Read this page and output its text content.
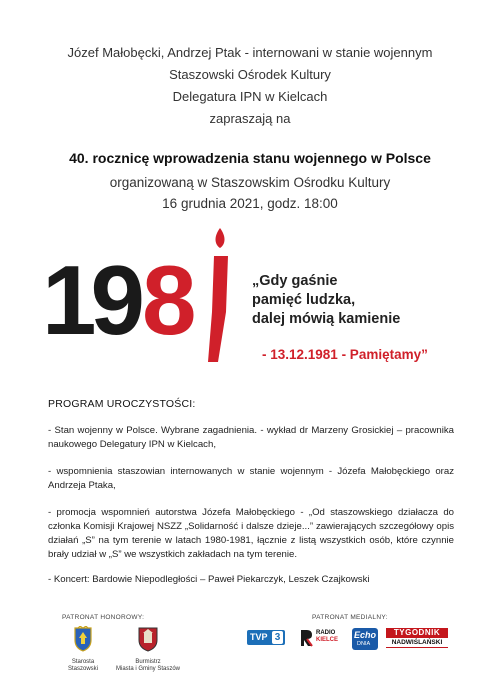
Józef Małobęcki, Andrzej Ptak - internowani w stanie wojennym
Staszowski Ośrodek Kultury
Delegatura IPN w Kielcach
zapraszają na
40. rocznicę wprowadzenia stanu wojennego w Polsce
organizowaną w Staszowskim Ośrodku Kultury
16 grudnia 2021, godz. 18:00
19 8	„Gdy gaśnie
pamięć ludzka,
dalej mówią kamienie
- 13.12.1981 - Pamiętamy”
PROGRAM UROCZYSTOŚCI:
- Stan wojenny w Polsce. Wybrane zagadnienia. - wykład dr Marzeny Grosickiej – pracownika naukowego Delegatury IPN w Kielcach,
- wspomnienia staszowian internowanych w stanie wojennym - Józefa Małobęckiego oraz Andrzeja Ptaka,
- promocja wspomnień autorstwa Józefa Małobęckiego - „Od staszowskiego działacza do członka Komisji Krajowej NSZZ „Solidarność i dalsze dzieje...” zawierających szczegółowy opis działań „S” na tym terenie w latach 1980-1981, łącznie z listą wszystkich osób, które czynnie brały udział w „S” we wszystkich zakładach na tym terenie.
- Koncert: Bardowie Niepodległości – Paweł Piekarczyk, Leszek Czajkowski
PATRONAT HONOROWY:
Starosta Staszowski
Burmistrz
Miasta i Gminy Staszów
PATRONAT MEDIALNY:
TVP 3	RADIO
KIELCE Echo
DNIA
TYGODNIK
NADWIŚLAŃSKI
